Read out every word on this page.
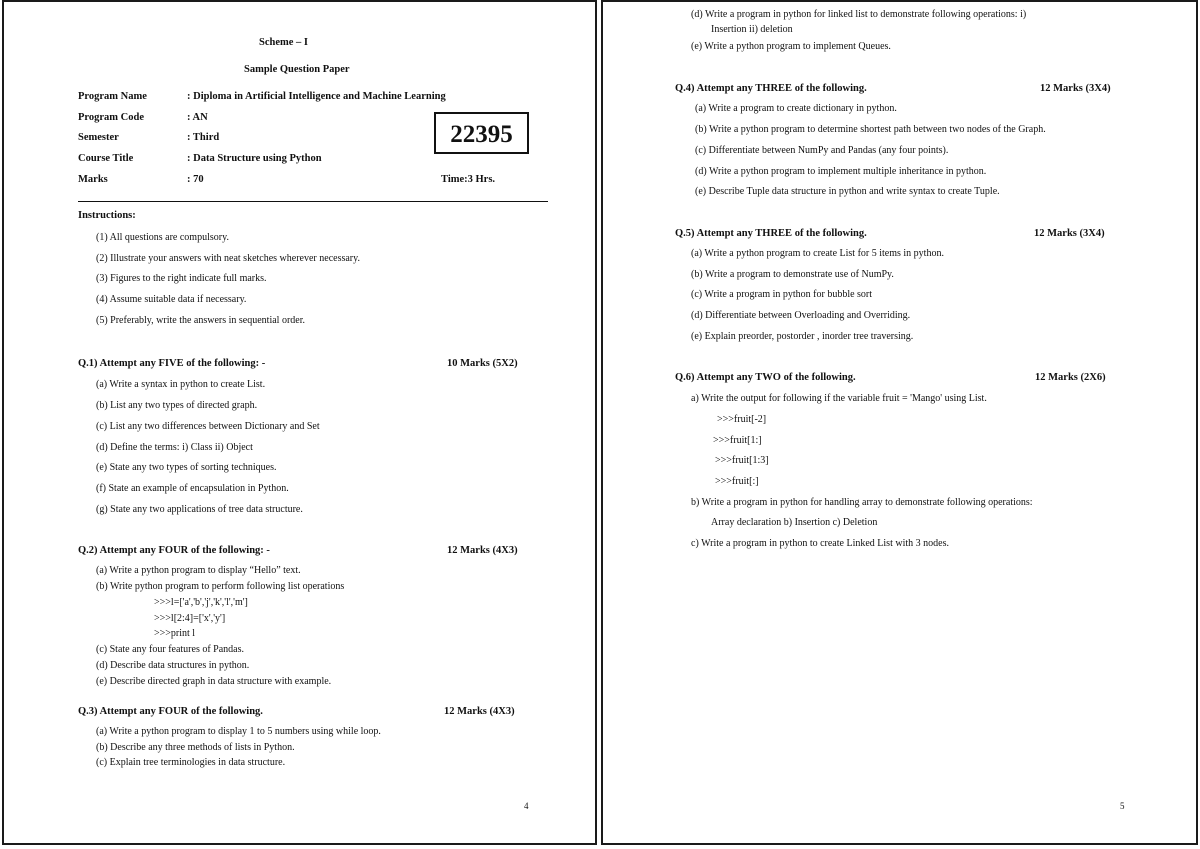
Scheme – I
Sample Question Paper
Program Name	: Diploma in Artificial Intelligence and Machine Learning
Program Code	: AN
Semester	: Third
Course Title	: Data Structure using Python
Marks	: 70
22395
Time:3 Hrs.
Instructions:
(1) All questions are compulsory.
(2) Illustrate your answers with neat sketches wherever necessary.
(3) Figures to the right indicate full marks.
(4) Assume suitable data if necessary.
(5) Preferably, write the answers in sequential order.
Q.1) Attempt any FIVE of the following: -	10 Marks (5X2)
(a) Write a syntax in python to create List.
(b) List any two types of directed graph.
(c) List any two differences between Dictionary and Set
(d) Define the terms: i) Class ii) Object
(e) State any two types of sorting techniques.
(f) State an example of encapsulation in Python.
(g) State any two applications of tree data structure.
Q.2) Attempt any FOUR of the following: -	12 Marks (4X3)
(a) Write a python program to display “Hello” text.
(b) Write python program to perform following list operations
>>>l=['a','b','j','k','l','m']
>>>l[2:4]=['x','y']
>>>print l
(c) State any four features of Pandas.
(d) Describe data structures in python.
(e) Describe directed graph in data structure with example.
Q.3) Attempt any FOUR of the following.	12 Marks (4X3)
(a) Write a python program to display 1 to 5 numbers using while loop.
(b) Describe any three methods of lists in Python.
(c) Explain tree terminologies in data structure.
4
(d) Write a program in python for linked list to demonstrate following operations: i)
Insertion ii) deletion
(e) Write a python program to implement Queues.
Q.4) Attempt any THREE of the following.	12 Marks (3X4)
(a) Write a program to create dictionary in python.
(b) Write a python program to determine shortest path between two nodes of the Graph.
(c) Differentiate between NumPy and Pandas (any four points).
(d) Write a python program to implement multiple inheritance in python.
(e) Describe Tuple data structure in python and write syntax to create Tuple.
Q.5) Attempt any THREE of the following.	12 Marks (3X4)
(a) Write a python program to create List for 5 items in python.
(b) Write a program to demonstrate use of NumPy.
(c) Write a program in python for bubble sort
(d) Differentiate between Overloading and Overriding.
(e) Explain preorder, postorder , inorder tree traversing.
Q.6) Attempt any TWO of the following.	12 Marks (2X6)
a) Write the output for following if the variable fruit = 'Mango' using List.
>>>fruit[-2]
>>>fruit[1:]
>>>fruit[1:3]
>>>fruit[:]
b) Write a program in python for handling array to demonstrate following operations:
Array declaration b) Insertion c) Deletion
c) Write a program in python to create Linked List with 3 nodes.
5
